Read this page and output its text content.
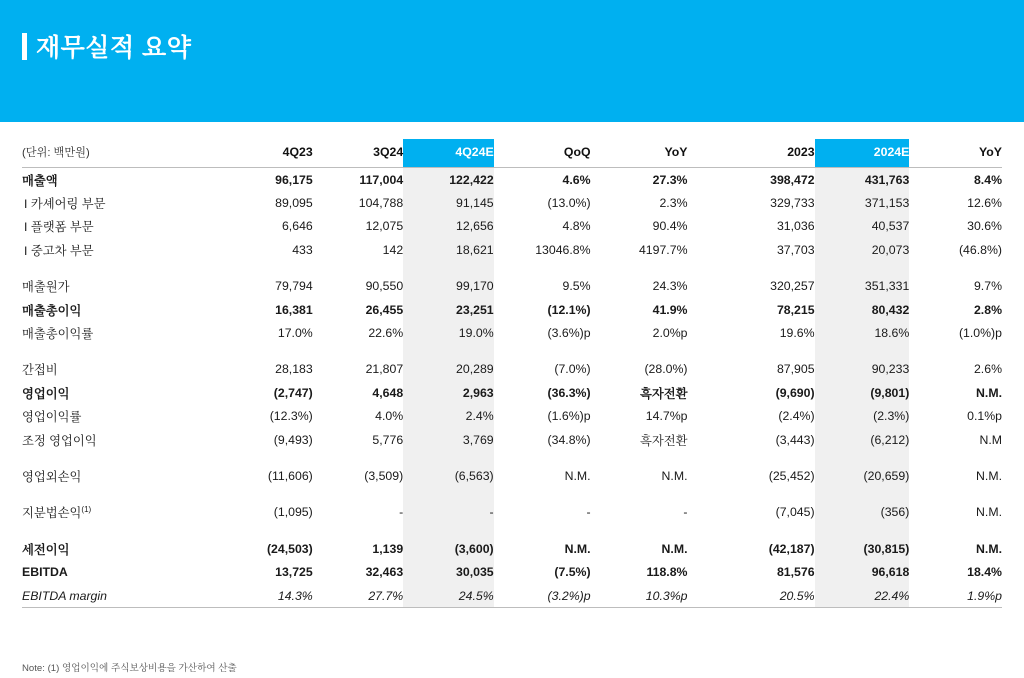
재무실적 요약
(단위: 백만원)	4Q23	3Q24	4Q24E	QoQ	YoY		2023	2024E	YoY
매출액	96,175	117,004	122,422	4.6%	27.3%		398,472	431,763	8.4%
I 카셰어링 부문	89,095	104,788	91,145	(13.0%)	2.3%		329,733	371,153	12.6%
I 플랫폼 부문	6,646	12,075	12,656	4.8%	90.4%		31,036	40,537	30.6%
I 중고차 부문	433	142	18,621	13046.8%	4197.7%		37,703	20,073	(46.8%)

매출원가	79,794	90,550	99,170	9.5%	24.3%		320,257	351,331	9.7%
매출총이익	16,381	26,455	23,251	(12.1%)	41.9%		78,215	80,432	2.8%
매출총이익률	17.0%	22.6%	19.0%	(3.6%)p	2.0%p		19.6%	18.6%	(1.0%)p

간접비	28,183	21,807	20,289	(7.0%)	(28.0%)		87,905	90,233	2.6%
영업이익	(2,747)	4,648	2,963	(36.3%)	흑자전환		(9,690)	(9,801)	N.M.
영업이익률	(12.3%)	4.0%	2.4%	(1.6%)p	14.7%p		(2.4%)	(2.3%)	0.1%p
조정 영업이익	(9,493)	5,776	3,769	(34.8%)	흑자전환		(3,443)	(6,212)	N.M

영업외손익	(11,606)	(3,509)	(6,563)	N.M.	N.M.		(25,452)	(20,659)	N.M.

지분법손익$^{(1)}$	(1,095)	-	-	-	-		(7,045)	(356)	N.M.

세전이익	(24,503)	1,139	(3,600)	N.M.	N.M.		(42,187)	(30,815)	N.M.
EBITDA	13,725	32,463	30,035	(7.5%)	118.8%		81,576	96,618	18.4%
EBITDA margin	14.3%	27.7%	24.5%	(3.2%)p	10.3%p		20.5%	22.4%	1.9%p

Note: (1) 영업이익에 주식보상비용을 가산하여 산출
